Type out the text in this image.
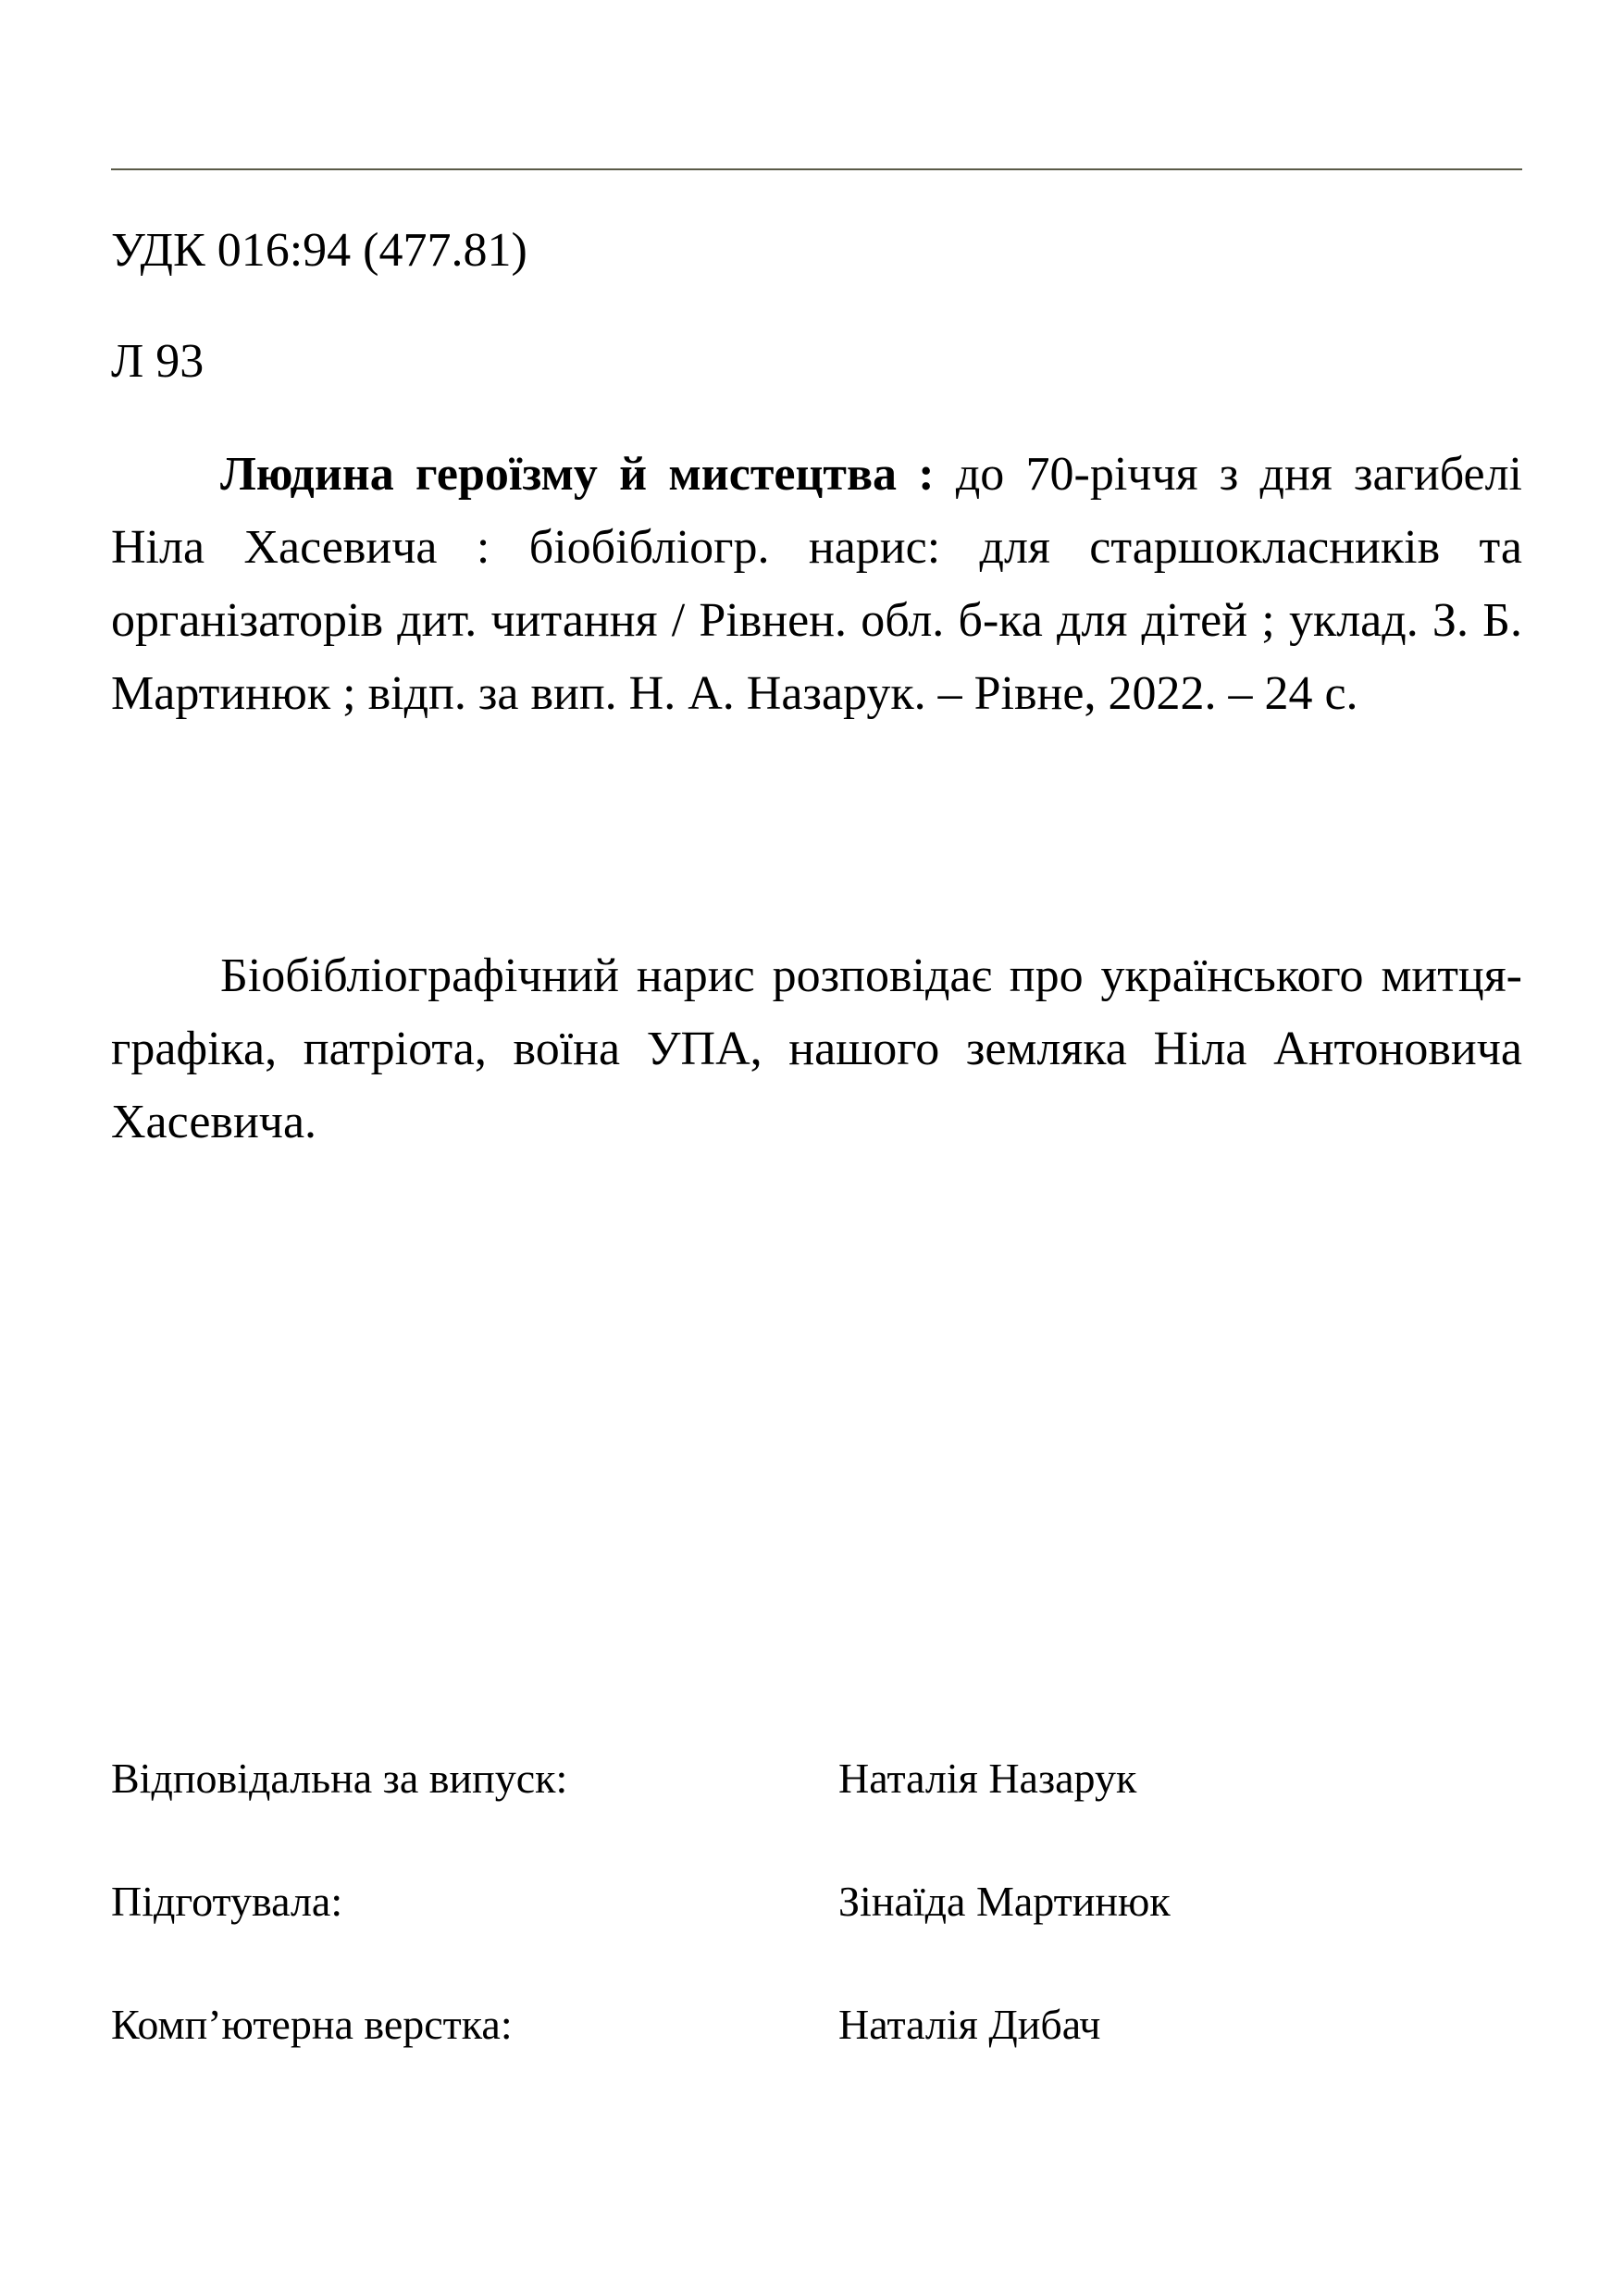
УДК 016:94 (477.81)
Л 93

Людина героїзму й мистецтва : до 70-річчя з дня загибелі Ніла Хасевича : біобібліогр. нарис: для старшокласників та організаторів дит. читання / Рівнен. обл. б-ка для дітей ; уклад. З. Б. Мартинюк ; відп. за вип. Н. А. Назарук. – Рівне, 2022. – 24 с.

Біобібліографічний нарис розповідає про українського митця-графіка, патріота, воїна УПА, нашого земляка Ніла Антоновича Хасевича.

Відповідальна за випуск:	Наталія Назарук
Підготувала:	Зінаїда Мартинюк
Комп’ютерна верстка:	Наталія Дибач
